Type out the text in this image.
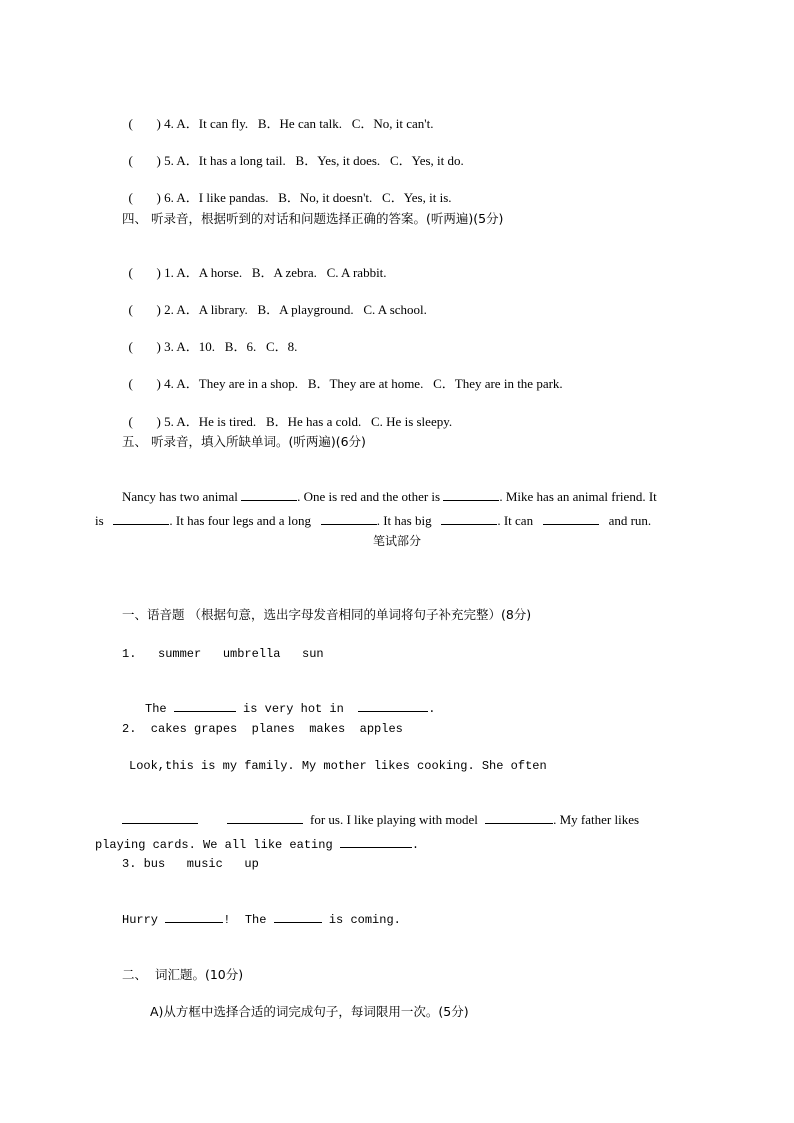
( ) 4. A．It can fly. B．He can talk. C．No, it can't.

( ) 5. A．It has a long tail. B．Yes, it does. C．Yes, it do.

( ) 6. A．I like pandas. B．No, it doesn't. C．Yes, it is.

四、 听录音，根据听到的对话和问题选择正确的答案。(听两遍)(5分)

( ) 1. A．A horse. B．A zebra. C. A rabbit.

( ) 2. A．A library. B．A playground. C. A school.

( ) 3. A．10. B．6. C．8.

( ) 4. A．They are in a shop. B．They are at home. C．They are in the park.

( ) 5. A．He is tired. B．He has a cold. C. He is sleepy.

五、 听录音，填入所缺单词。(听两遍)(6分)

Nancy has two animal	. One is red and the other is	. Mike has an animal friend. It

is	. It has four legs and a long	. It has big	. It can	and run.

笔试部分
一、语音题 （根据句意，选出字母发音相同的单词将句子补充完整）(8分)
1.   summer   umbrella   sun

The	is very hot in	.

2.  cakes grapes  planes  makes  apples
Look,this is my family. My mother likes cooking. She often

for us. I like playing with model	. My father likes

playing cards. We all like eating	.

3. bus   music   up

Hurry	!  The	is coming.

二、  词汇题。(10分)
A)从方框中选择合适的词完成句子，每词限用一次。(5分)
